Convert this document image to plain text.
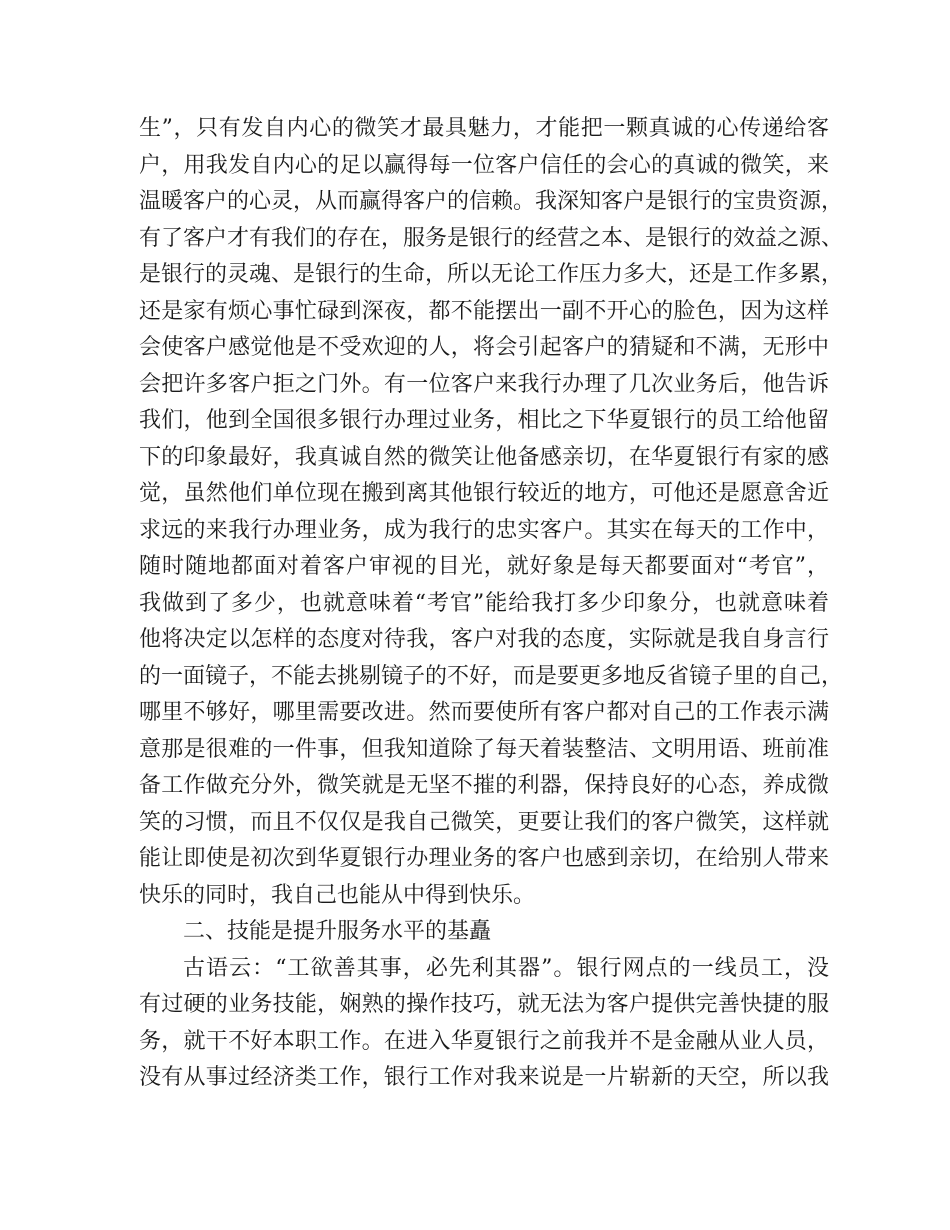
生”，只有发自内心的微笑才最具魅力，才能把一颗真诚的心传递给客
户，用我发自内心的足以赢得每一位客户信任的会心的真诚的微笑，来
温暖客户的心灵，从而赢得客户的信赖。我深知客户是银行的宝贵资源，
有了客户才有我们的存在，服务是银行的经营之本、是银行的效益之源、
是银行的灵魂、是银行的生命，所以无论工作压力多大，还是工作多累，
还是家有烦心事忙碌到深夜，都不能摆出一副不开心的脸色，因为这样
会使客户感觉他是不受欢迎的人，将会引起客户的猜疑和不满，无形中
会把许多客户拒之门外。有一位客户来我行办理了几次业务后，他告诉
我们，他到全国很多银行办理过业务，相比之下华夏银行的员工给他留
下的印象最好，我真诚自然的微笑让他备感亲切，在华夏银行有家的感
觉，虽然他们单位现在搬到离其他银行较近的地方，可他还是愿意舍近
求远的来我行办理业务，成为我行的忠实客户。其实在每天的工作中，
随时随地都面对着客户审视的目光，就好象是每天都要面对“考官”，
我做到了多少，也就意味着“考官”能给我打多少印象分，也就意味着
他将决定以怎样的态度对待我，客户对我的态度，实际就是我自身言行
的一面镜子，不能去挑剔镜子的不好，而是要更多地反省镜子里的自己，
哪里不够好，哪里需要改进。然而要使所有客户都对自己的工作表示满
意那是很难的一件事，但我知道除了每天着装整洁、文明用语、班前准
备工作做充分外，微笑就是无坚不摧的利器，保持良好的心态，养成微
笑的习惯，而且不仅仅是我自己微笑，更要让我们的客户微笑，这样就
能让即使是初次到华夏银行办理业务的客户也感到亲切，在给别人带来
快乐的同时，我自己也能从中得到快乐。
二、技能是提升服务水平的基矗
古语云：“工欲善其事，必先利其器”。银行网点的一线员工，没
有过硬的业务技能，娴熟的操作技巧，就无法为客户提供完善快捷的服
务，就干不好本职工作。在进入华夏银行之前我并不是金融从业人员，
没有从事过经济类工作，银行工作对我来说是一片崭新的天空，所以我
